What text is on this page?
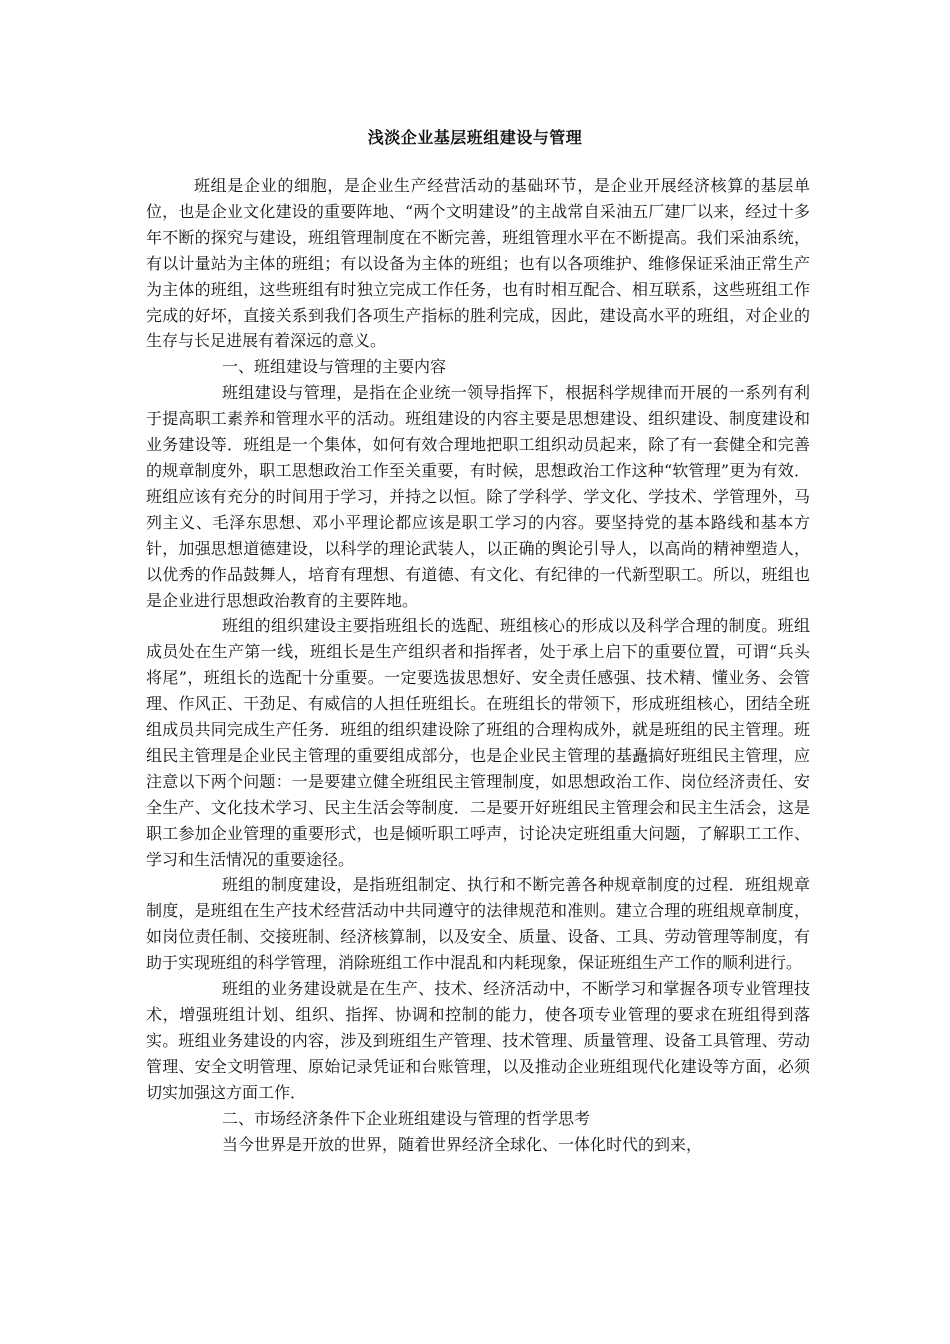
浅淡企业基层班组建设与管理

班组是企业的细胞，是企业生产经营活动的基础环节，是企业开展经济核算的基层单位，也是企业文化建设的重要阵地、“两个文明建设”的主战常自采油五厂建厂以来，经过十多年不断的探究与建设，班组管理制度在不断完善，班组管理水平在不断提高。我们采油系统，有以计量站为主体的班组；有以设备为主体的班组；也有以各项维护、维修保证采油正常生产为主体的班组，这些班组有时独立完成工作任务，也有时相互配合、相互联系，这些班组工作完成的好坏，直接关系到我们各项生产指标的胜利完成，因此，建设高水平的班组，对企业的生存与长足进展有着深远的意义。

一、班组建设与管理的主要内容

班组建设与管理，是指在企业统一领导指挥下，根据科学规律而开展的一系列有利于提高职工素养和管理水平的活动。班组建设的内容主要是思想建设、组织建设、制度建设和业务建设等．班组是一个集体，如何有效合理地把职工组织动员起来，除了有一套健全和完善的规章制度外，职工思想政治工作至关重要，有时候，思想政治工作这种“软管理”更为有效．班组应该有充分的时间用于学习，并持之以恒。除了学科学、学文化、学技术、学管理外，马列主义、毛泽东思想、邓小平理论都应该是职工学习的内容。要坚持党的基本路线和基本方针，加强思想道德建设，以科学的理论武装人，以正确的舆论引导人，以高尚的精神塑造人，以优秀的作品鼓舞人，培育有理想、有道德、有文化、有纪律的一代新型职工。所以，班组也是企业进行思想政治教育的主要阵地。

班组的组织建设主要指班组长的选配、班组核心的形成以及科学合理的制度。班组成员处在生产第一线，班组长是生产组织者和指挥者，处于承上启下的重要位置，可谓“兵头将尾”，班组长的选配十分重要。一定要选拔思想好、安全责任感强、技术精、懂业务、会管理、作风正、干劲足、有威信的人担任班组长。在班组长的带领下，形成班组核心，团结全班组成员共同完成生产任务．班组的组织建设除了班组的合理构成外，就是班组的民主管理。班组民主管理是企业民主管理的重要组成部分，也是企业民主管理的基矗搞好班组民主管理，应注意以下两个问题：一是要建立健全班组民主管理制度，如思想政治工作、岗位经济责任、安全生产、文化技术学习、民主生活会等制度．二是要开好班组民主管理会和民主生活会，这是职工参加企业管理的重要形式，也是倾听职工呼声，讨论决定班组重大问题，了解职工工作、学习和生活情况的重要途径。

班组的制度建设，是指班组制定、执行和不断完善各种规章制度的过程．班组规章制度，是班组在生产技术经营活动中共同遵守的法律规范和准则。建立合理的班组规章制度，如岗位责任制、交接班制、经济核算制，以及安全、质量、设备、工具、劳动管理等制度，有助于实现班组的科学管理，消除班组工作中混乱和内耗现象，保证班组生产工作的顺利进行。

班组的业务建设就是在生产、技术、经济活动中，不断学习和掌握各项专业管理技术，增强班组计划、组织、指挥、协调和控制的能力，使各项专业管理的要求在班组得到落实。班组业务建设的内容，涉及到班组生产管理、技术管理、质量管理、设备工具管理、劳动管理、安全文明管理、原始记录凭证和台账管理，以及推动企业班组现代化建设等方面，必须切实加强这方面工作．

二、市场经济条件下企业班组建设与管理的哲学思考

当今世界是开放的世界，随着世界经济全球化、一体化时代的到来，
